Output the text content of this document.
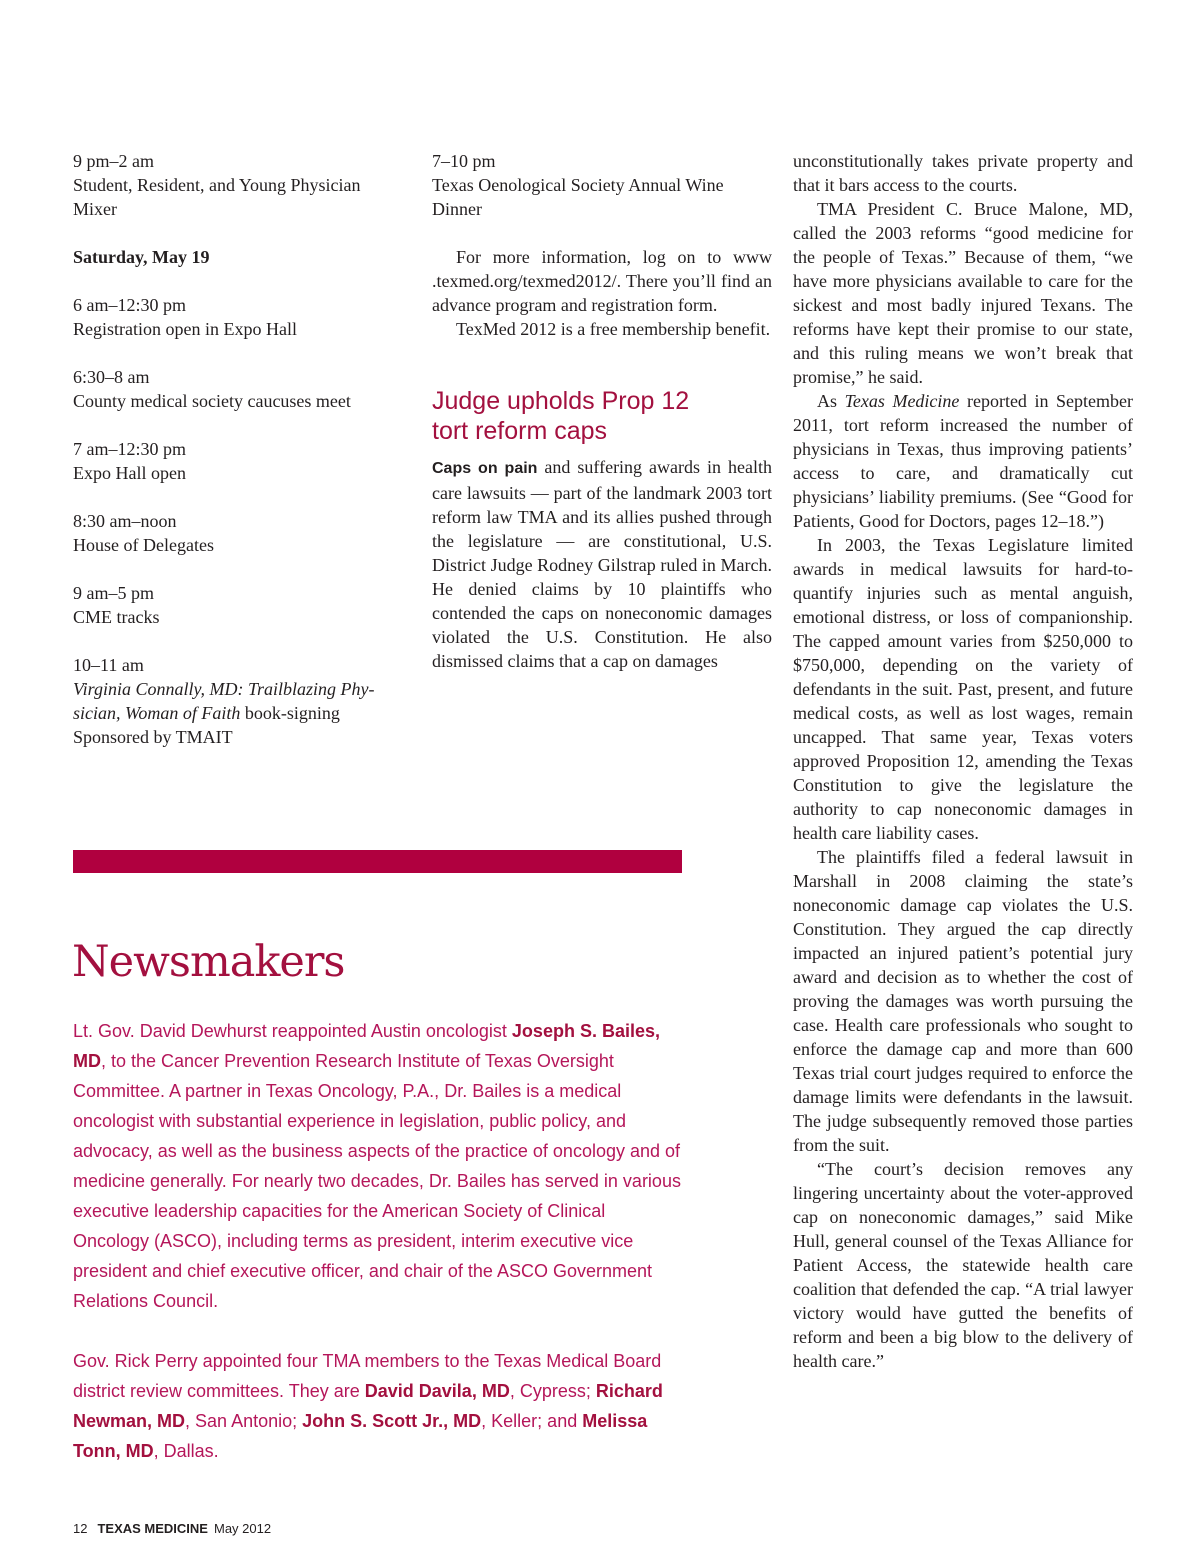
9 pm–2 am
Student, Resident, and Young Physician
Mixer
Saturday, May 19
6 am–12:30 pm
Registration open in Expo Hall
6:30–8 am
County medical society caucuses meet
7 am–12:30 pm
Expo Hall open
8:30 am–noon
House of Delegates
9 am–5 pm
CME tracks
10–11 am
Virginia Connally, MD: Trailblazing Phy-
sician, Woman of Faith book-signing
Sponsored by TMAIT
7–10 pm
Texas Oenological Society Annual Wine
Dinner

For more information, log on to www .texmed.org/texmed2012/. There you’ll find an advance program and registration form.

TexMed 2012 is a free membership benefit.

Judge upholds Prop 12
tort reform caps

Caps on pain and suffering awards in health care lawsuits — part of the landmark 2003 tort reform law TMA and its allies pushed through the legislature — are constitutional, U.S. District Judge Rodney Gilstrap ruled in March. He denied claims by 10 plaintiffs who contended the caps on noneconomic damages violated the U.S. Constitution. He also dismissed claims that a cap on damages

unconstitutionally takes private property and that it bars access to the courts.

TMA President C. Bruce Malone, MD, called the 2003 reforms “good medicine for the people of Texas.” Because of them, “we have more physicians available to care for the sickest and most badly injured Texans. The reforms have kept their promise to our state, and this ruling means we won’t break that promise,” he said.

As Texas Medicine reported in September 2011, tort reform increased the number of physicians in Texas, thus improving patients’ access to care, and dramatically cut physicians’ liability premiums. (See “Good for Patients, Good for Doctors, pages 12–18.”)

In 2003, the Texas Legislature limited awards in medical lawsuits for hard-to-quantify injuries such as mental anguish, emotional distress, or loss of companionship. The capped amount varies from $250,000 to $750,000, depending on the variety of defendants in the suit. Past, present, and future medical costs, as well as lost wages, remain uncapped. That same year, Texas voters approved Proposition 12, amending the Texas Constitution to give the legislature the authority to cap noneconomic damages in health care liability cases.

The plaintiffs filed a federal lawsuit in Marshall in 2008 claiming the state’s noneconomic damage cap violates the U.S. Constitution. They argued the cap directly impacted an injured patient’s potential jury award and decision as to whether the cost of proving the damages was worth pursuing the case. Health care professionals who sought to enforce the damage cap and more than 600 Texas trial court judges required to enforce the damage limits were defendants in the lawsuit. The judge subsequently removed those parties from the suit.

“The court’s decision removes any lingering uncertainty about the voter-approved cap on noneconomic damages,” said Mike Hull, general counsel of the Texas Alliance for Patient Access, the statewide health care coalition that defended the cap. “A trial lawyer victory would have gutted the benefits of reform and been a big blow to the delivery of health care.”

Newsmakers

Lt. Gov. David Dewhurst reappointed Austin oncologist Joseph S. Bailes, MD, to the Cancer Prevention Research Institute of Texas Oversight Committee. A partner in Texas Oncology, P.A., Dr. Bailes is a medical oncologist with substantial experience in legislation, public policy, and advocacy, as well as the business aspects of the practice of oncology and of medicine generally. For nearly two decades, Dr. Bailes has served in various executive leadership capacities for the American Society of Clinical Oncology (ASCO), including terms as president, interim executive vice president and chief executive officer, and chair of the ASCO Government Relations Council.

Gov. Rick Perry appointed four TMA members to the Texas Medical Board district review committees. They are David Davila, MD, Cypress; Richard Newman, MD, San Antonio; John S. Scott Jr., MD, Keller; and Melissa Tonn, MD, Dallas.

12 TEXAS MEDICINE May 2012
